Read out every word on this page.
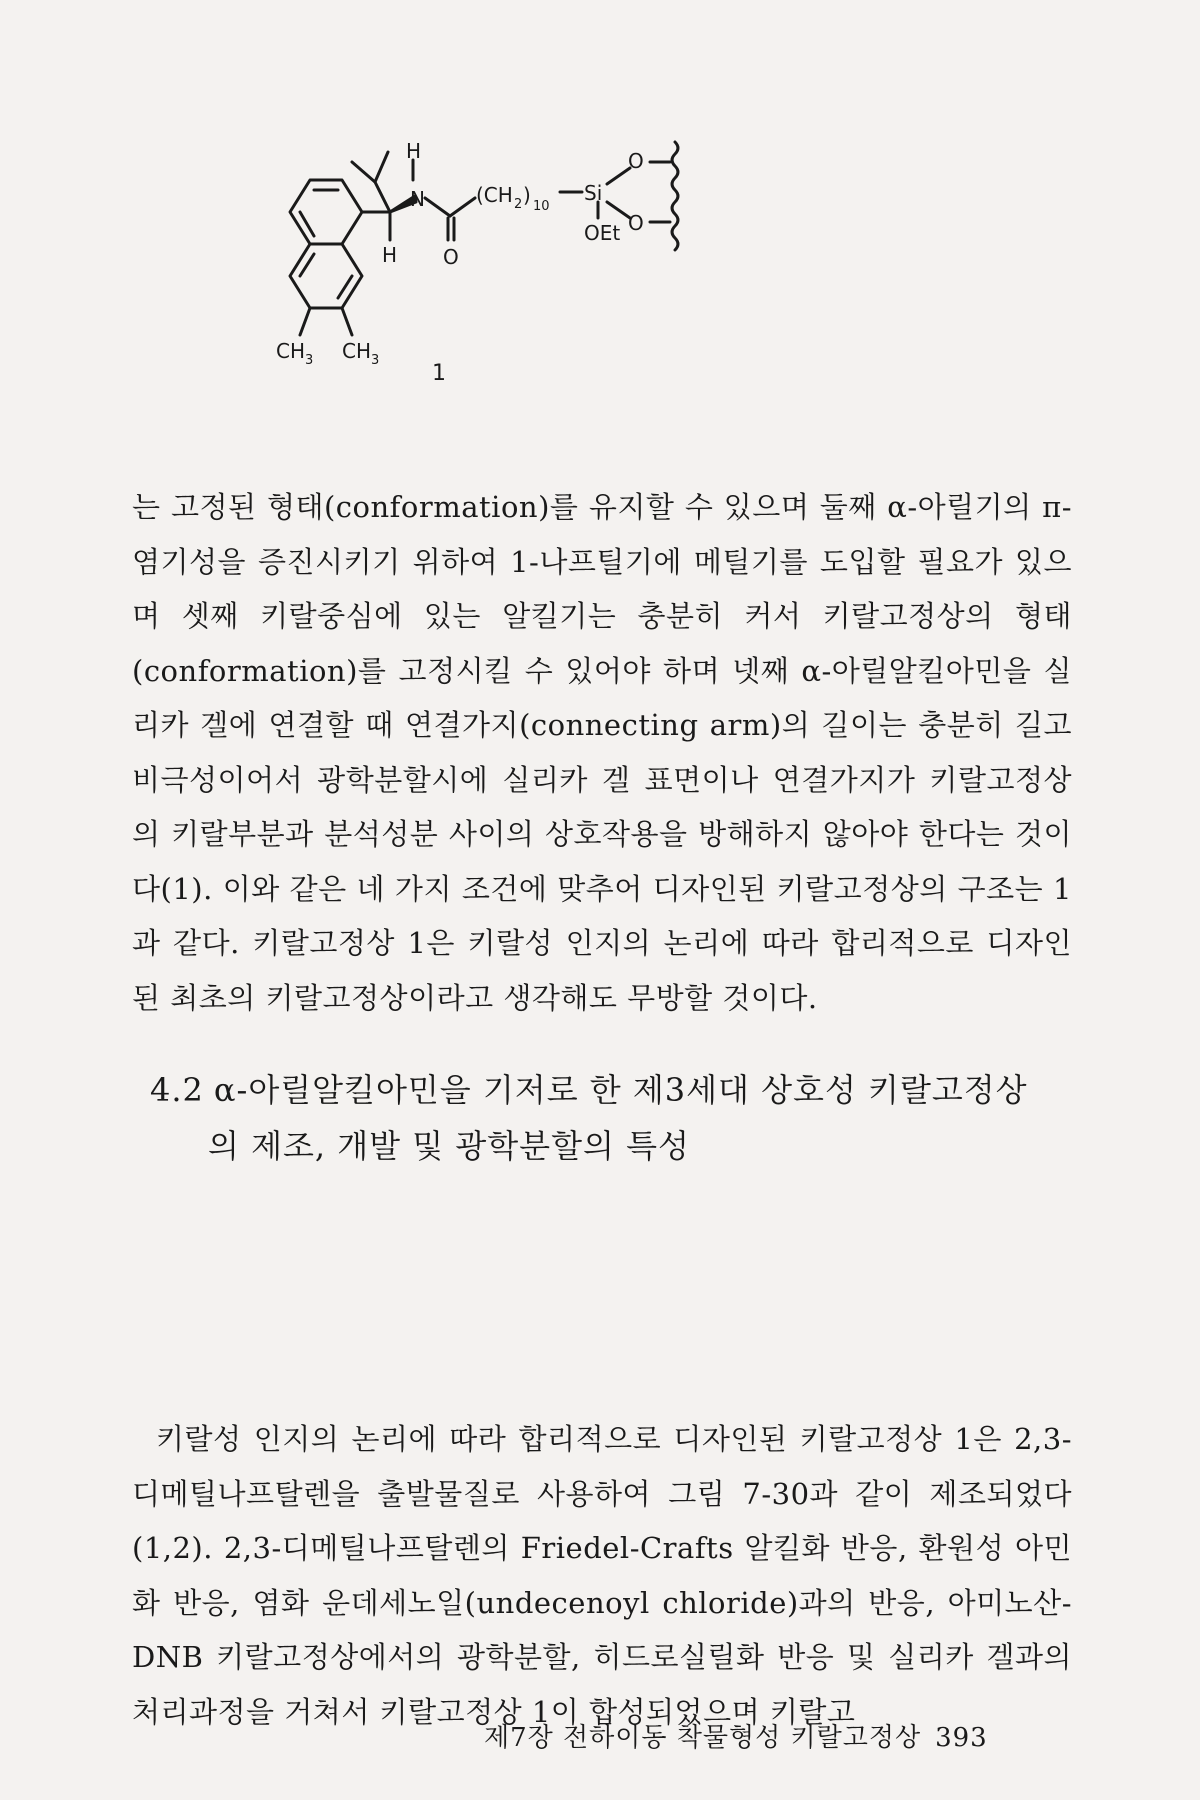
H
N	(CH 2 ) 10
Si
O
O
OEt
H O
$CH_3$ $CH_3$
1

는 고정된 형태(conformation)를 유지할 수 있으며 둘째 α-아릴기의 π-염기성을 증진시키기 위하여 1-나프틸기에 메틸기를 도입할 필요가 있으며 셋째 키랄중심에 있는 알킬기는 충분히 커서 키랄고정상의 형태(conformation)를 고정시킬 수 있어야 하며 넷째 α-아릴알킬아민을 실리카 겔에 연결할 때 연결가지(connecting arm)의 길이는 충분히 길고 비극성이어서 광학분할시에 실리카 겔 표면이나 연결가지가 키랄고정상의 키랄부분과 분석성분 사이의 상호작용을 방해하지 않아야 한다는 것이다(1). 이와 같은 네 가지 조건에 맞추어 디자인된 키랄고정상의 구조는 1과 같다. 키랄고정상 1은 키랄성 인지의 논리에 따라 합리적으로 디자인된 최초의 키랄고정상이라고 생각해도 무방할 것이다.

4.2 α-아릴알킬아민을 기저로 한 제3세대 상호성 키랄고정상
의 제조, 개발 및 광학분할의 특성

키랄성 인지의 논리에 따라 합리적으로 디자인된 키랄고정상 1은 2,3-디메틸나프탈렌을 출발물질로 사용하여 그림 7-30과 같이 제조되었다(1,2). 2,3-디메틸나프탈렌의 Friedel-Crafts 알킬화 반응, 환원성 아민화 반응, 염화 운데세노일(undecenoyl chloride)과의 반응, 아미노산-DNB 키랄고정상에서의 광학분할, 히드로실릴화 반응 및 실리카 겔과의 처리과정을 거쳐서 키랄고정상 1이 합성되었으며 키랄고

제7장 전하이동 착물형성 키랄고정상 393
